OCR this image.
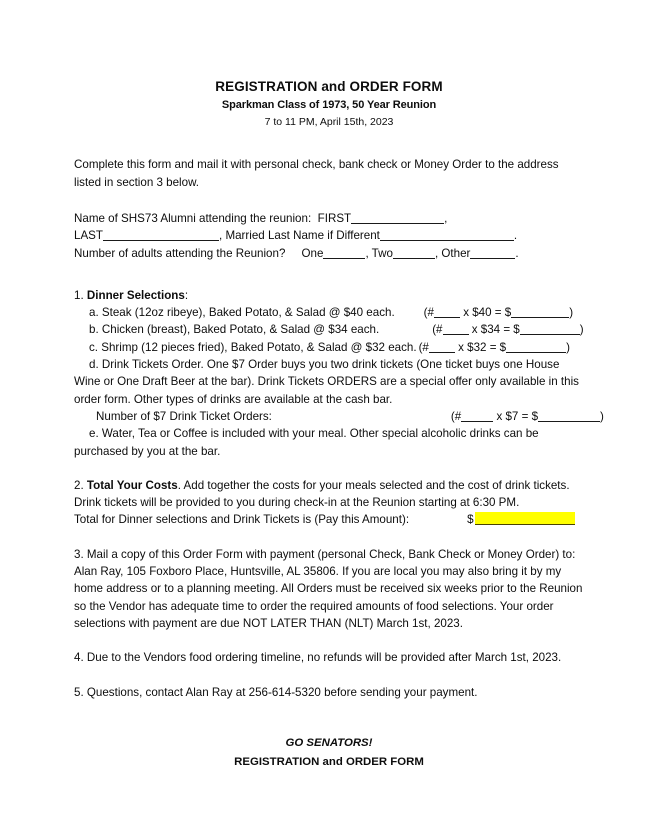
REGISTRATION and ORDER FORM
Sparkman Class of 1973, 50 Year Reunion
7 to 11 PM, April 15th, 2023

Complete this form and mail it with personal check, bank check or Money Order to the address listed in section 3 below.

Name of SHS73 Alumni attending the reunion: FIRST	,
LAST	, Married Last Name if Different	.
Number of adults attending the Reunion? One	, Two	, Other	.
1. Dinner Selections:
a. Steak (12oz ribeye), Baked Potato, & Salad @ $40 each.	(#	x $40 = $	)
b. Chicken (breast), Baked Potato, & Salad @ $34 each.	(#	x $34 = $	)
c. Shrimp (12 pieces fried), Baked Potato, & Salad @ $32 each. (#	x $32 = $	)

d. Drink Tickets Order. One $7 Order buys you two drink tickets (One ticket buys one House Wine or One Draft Beer at the bar). Drink Tickets ORDERS are a special offer only available in this order form. Other types of drinks are available at the cash bar.

Number of $7 Drink Ticket Orders:	(#	x $7 = $	)

e. Water, Tea or Coffee is included with your meal. Other special alcoholic drinks can be purchased by you at the bar.

2. Total Your Costs. Add together the costs for your meals selected and the cost of drink tickets. Drink tickets will be provided to you during check-in at the Reunion starting at 6:30 PM.

Total for Dinner selections and Drink Tickets is (Pay this Amount):	$

3. Mail a copy of this Order Form with payment (personal Check, Bank Check or Money Order) to: Alan Ray, 105 Foxboro Place, Huntsville, AL 35806. If you are local you may also bring it by my home address or to a planning meeting. All Orders must be received six weeks prior to the Reunion so the Vendor has adequate time to order the required amounts of food selections. Your order selections with payment are due NOT LATER THAN (NLT) March 1st, 2023.

4. Due to the Vendors food ordering timeline, no refunds will be provided after March 1st, 2023.

5. Questions, contact Alan Ray at 256-614-5320 before sending your payment.

GO SENATORS!
REGISTRATION and ORDER FORM
